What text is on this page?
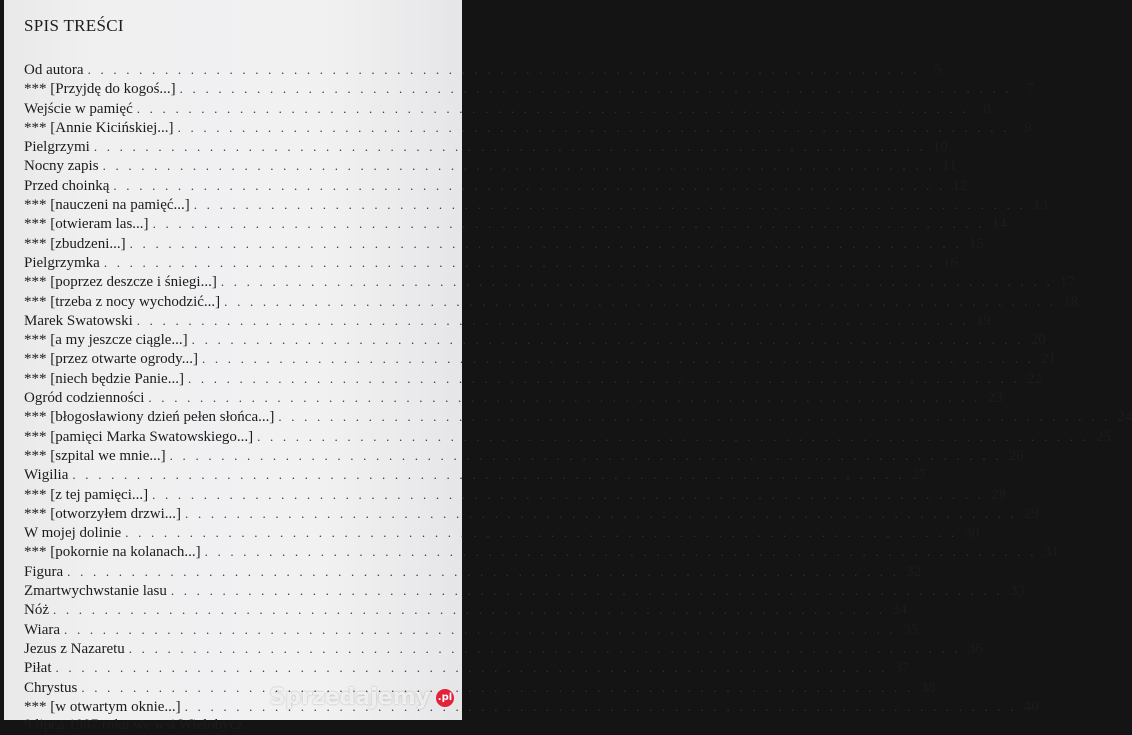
SPIS TREŚCI
Od autora . . .	5
*** [Przyjdę do kogoś...] . . .	7
Wejście w pamięć . . .	8
*** [Annie Kicińskiej...] . . .	9
Pielgrzymi . . .	10
Nocny zapis . . .	11
Przed choinką . . .	12
*** [nauczeni na pamięć...] . . .	13
*** [otwieram las...] . . .	14
*** [zbudzeni...] . . .	15
Pielgrzymka . . .	16
*** [poprzez deszcze i śniegi...] . . .	17
*** [trzeba z nocy wychodzić...] . . .	18
Marek Swatowski . . .	19
*** [a my jeszcze ciągle...] . . .	20
*** [przez otwarte ogrody...] . . .	21
*** [niech będzie Panie...] . . .	22
Ogród codzienności . . .	23
*** [błogosławiony dzień pełen słońca...] . . .	24
*** [pamięci Marka Swatowskiego...] . . .	25
*** [szpital we mnie...] . . .	26
Wigilia . . .	27
*** [z tej pamięci...] . . .	28
*** [otworzyłem drzwi...] . . .	29
W mojej dolinie . . .	30
*** [pokornie na kolanach...] . . .	31
Figura . . .	32
Zmartwychwstanie lasu . . .	33
Nóż . . .	34
Wiara . . .	35
Jezus z Nazaretu . . .	36
Piłat . . .	37
Chrystus . . .	38
*** [w otwartym oknie...] . . .	40
9 lipca 1987 roku we wsi Wielobycz
Sprzedajemy .pl
